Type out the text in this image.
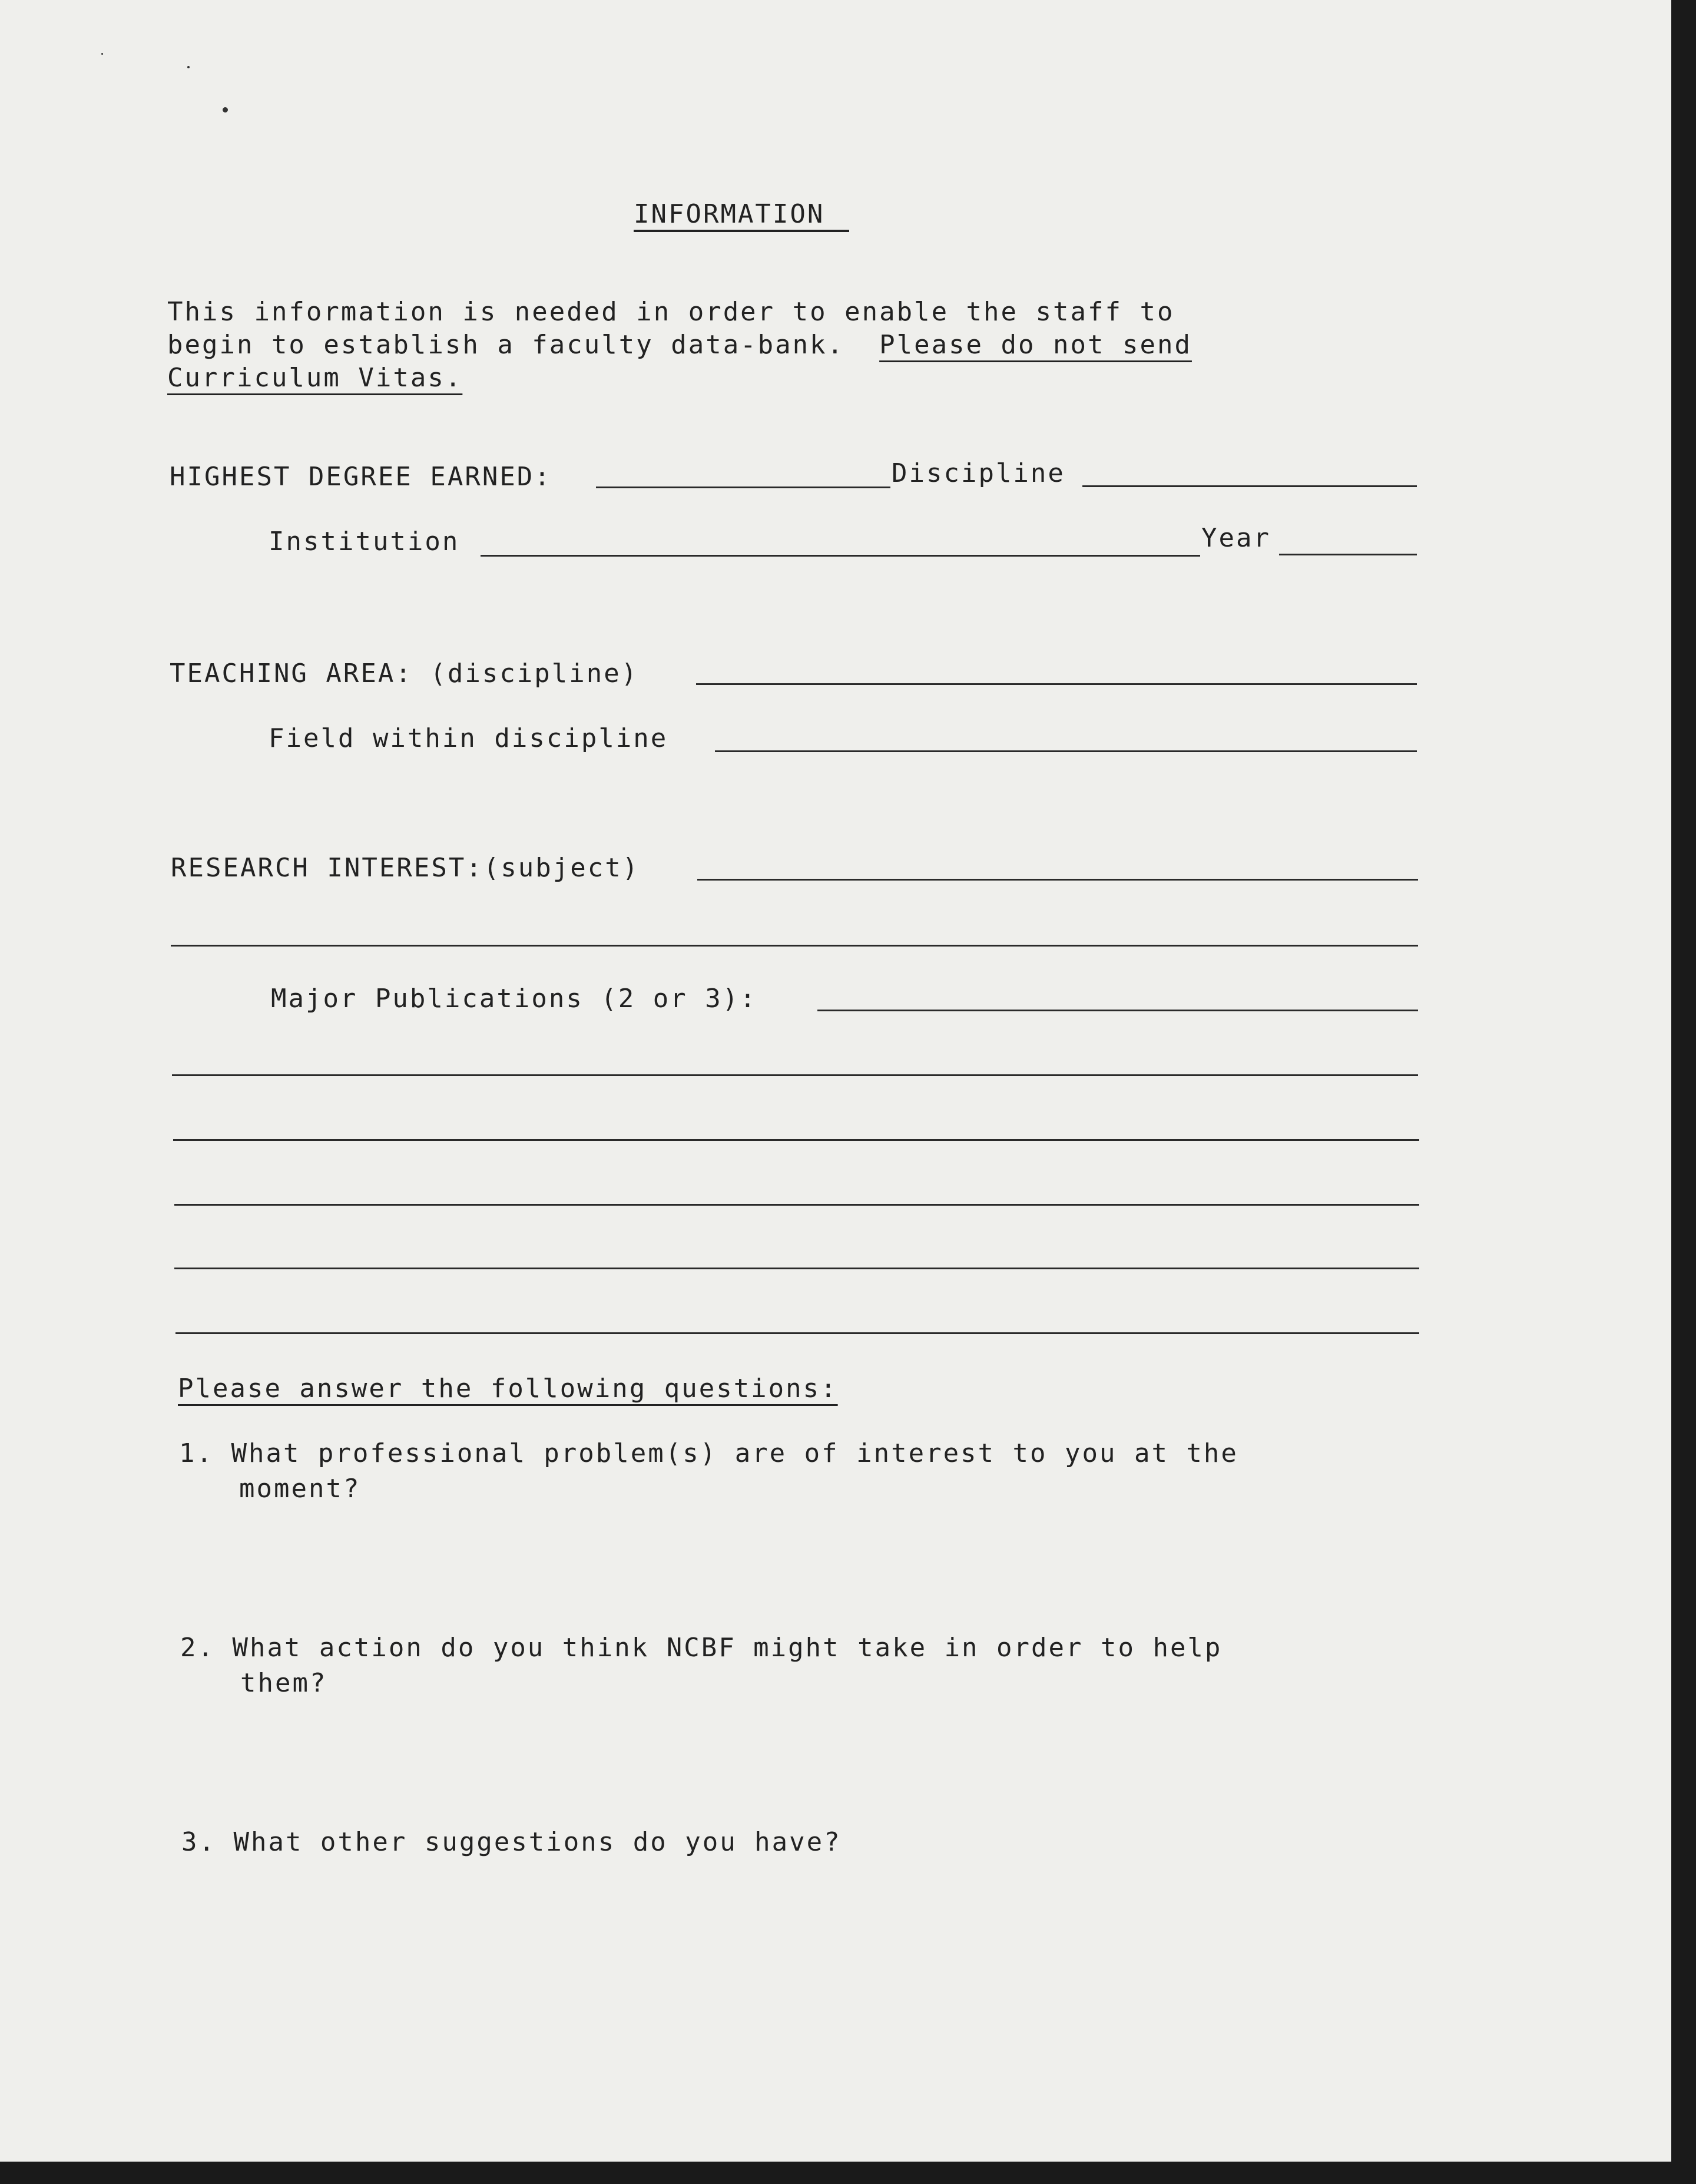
INFORMATION
This information is needed in order to enable the staff to
begin to establish a faculty data-bank.  Please do not send
Curriculum Vitas.
HIGHEST DEGREE EARNED:	Discipline
Institution	Year
TEACHING AREA: (discipline)
Field within discipline
RESEARCH INTEREST:(subject)
Major Publications (2 or 3):
Please answer the following questions:
1. What professional problem(s) are of interest to you at the
moment?
2. What action do you think NCBF might take in order to help
them?
3. What other suggestions do you have?
